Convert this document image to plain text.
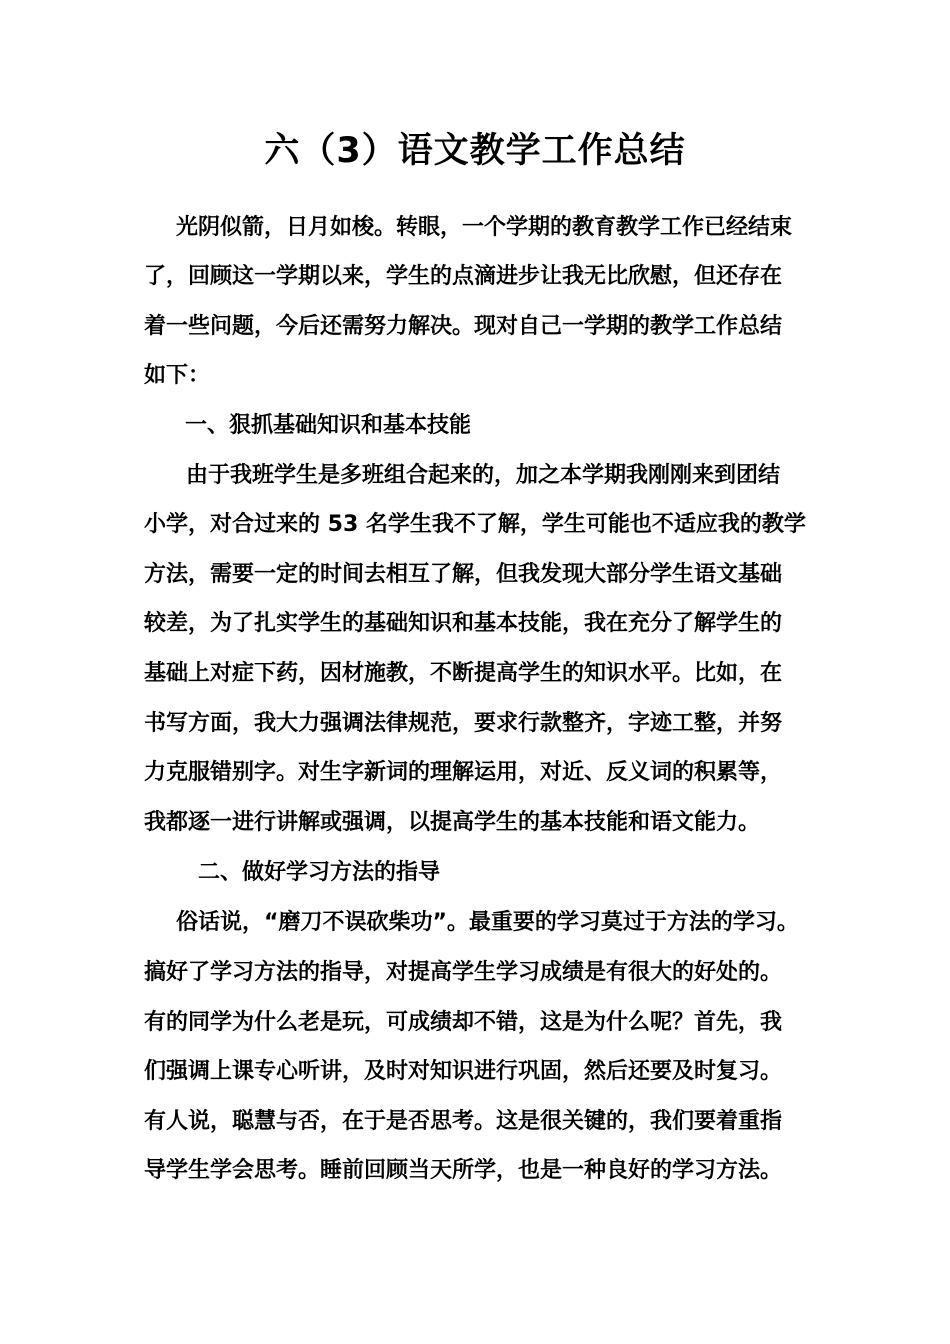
六（3）语文教学工作总结
光阴似箭，日月如梭。转眼，一个学期的教育教学工作已经结束
了，回顾这一学期以来，学生的点滴进步让我无比欣慰，但还存在
着一些问题，今后还需努力解决。现对自己一学期的教学工作总结
如下：
一、狠抓基础知识和基本技能
由于我班学生是多班组合起来的，加之本学期我刚刚来到团结
小学，对合过来的 53 名学生我不了解，学生可能也不适应我的教学
方法，需要一定的时间去相互了解，但我发现大部分学生语文基础
较差，为了扎实学生的基础知识和基本技能，我在充分了解学生的
基础上对症下药，因材施教，不断提高学生的知识水平。比如，在
书写方面，我大力强调法律规范，要求行款整齐，字迹工整，并努
力克服错别字。对生字新词的理解运用，对近、反义词的积累等，
我都逐一进行讲解或强调，以提高学生的基本技能和语文能力。
二、做好学习方法的指导
俗话说，“磨刀不误砍柴功”。最重要的学习莫过于方法的学习。
搞好了学习方法的指导，对提高学生学习成绩是有很大的好处的。
有的同学为什么老是玩，可成绩却不错，这是为什么呢？首先，我
们强调上课专心听讲，及时对知识进行巩固，然后还要及时复习。
有人说，聪慧与否，在于是否思考。这是很关键的，我们要着重指
导学生学会思考。睡前回顾当天所学，也是一种良好的学习方法。
